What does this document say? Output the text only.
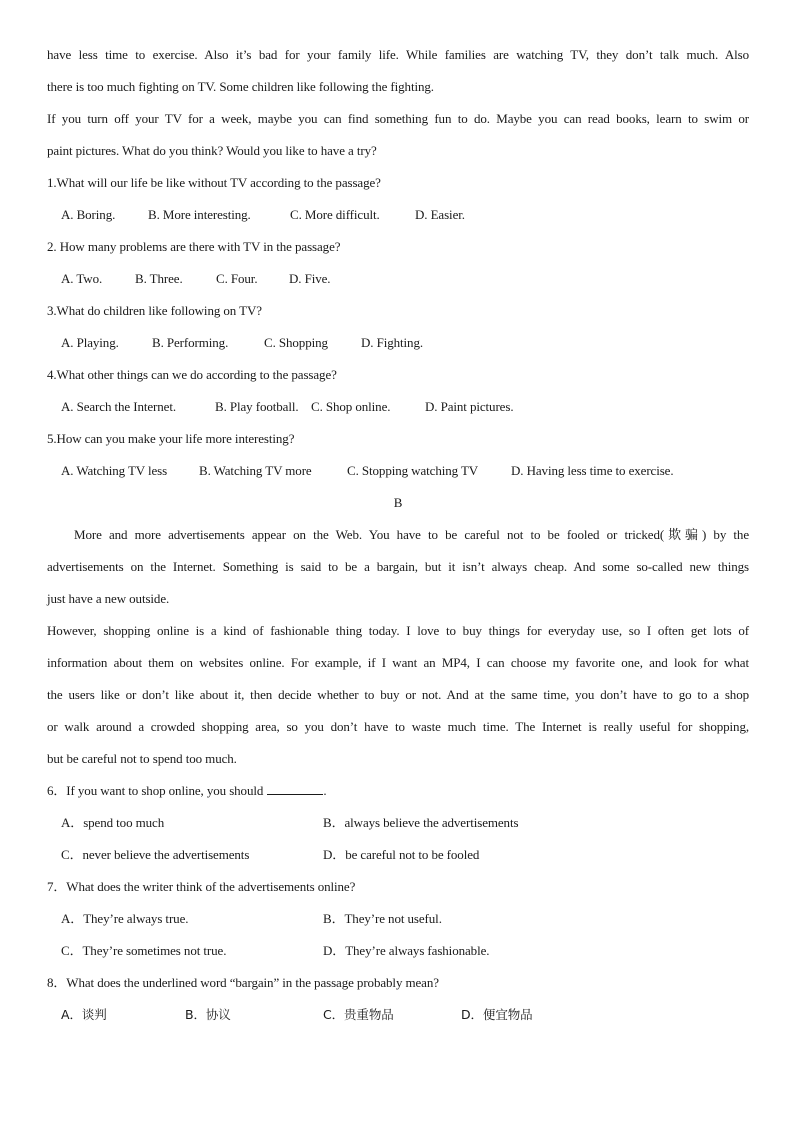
have less time to exercise. Also it’s bad for your family life. While families are watching TV, they don’t talk much. Also
there is too much fighting on TV. Some children like following the fighting.
If you turn off your TV for a week, maybe you can find something fun to do. Maybe you can read books, learn to swim or
paint pictures. What do you think? Would you like to have a try?
1.What will our life be like without TV according to the passage?
A. Boring.	B. More interesting.	C. More difficult.	D. Easier.
2. How many problems are there with TV in the passage?
A. Two.	B. Three.	C. Four. D. Five.
3.What do children like following on TV?
A. Playing.	B. Performing.	C. Shopping	D. Fighting.
4.What other things can we do according to the passage?
A. Search the Internet.	B. Play football. C. Shop online.	D. Paint pictures.
5.How can you make your life more interesting?
A. Watching TV less B. Watching TV more	C. Stopping watching TV	D. Having less time to exercise.
B
More and more advertisements appear on the Web. You have to be careful not to be fooled or tricked(欺骗) by the
advertisements on the Internet. Something is said to be a bargain, but it isn’t always cheap. And some so-called new things
just have a new outside.
However, shopping online is a kind of fashionable thing today. I love to buy things for everyday use, so I often get lots of
information about them on websites online. For example, if I want an MP4, I can choose my favorite one, and look for what
the users like or don’t like about it, then decide whether to buy or not. And at the same time, you don’t have to go to a shop
or walk around a crowded shopping area, so you don’t have to waste much time. The Internet is really useful for shopping,
but be careful not to spend too much.
6．If you want to shop online, you should	.
A．spend too much	B．always believe the advertisements
C．never believe the advertisements	D．be careful not to be fooled
7．What does the writer think of the advertisements online?
A．They’re always true.	B．They’re not useful.
C．They’re sometimes not true.	D．They’re always fashionable.
8．What does the underlined word “bargain” in the passage probably mean?
A．谈判	B．协议	C．贵重物品	D．便宜物品
